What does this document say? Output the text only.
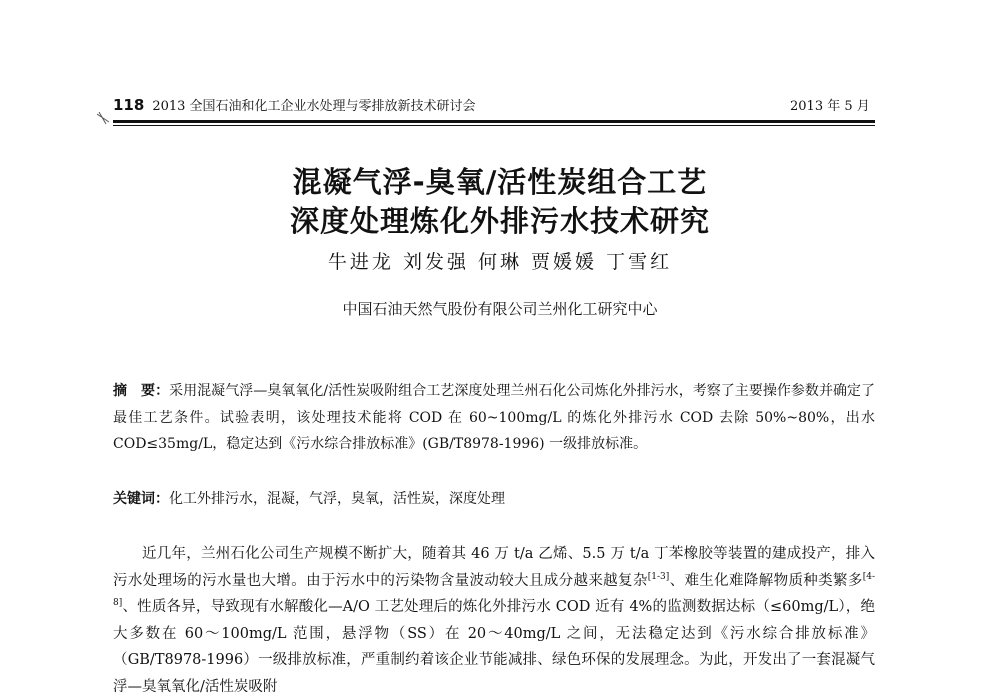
118 2013 全国石油和化工企业水处理与零排放新技术研讨会	2013 年 5 月
混凝气浮-臭氧/活性炭组合工艺
深度处理炼化外排污水技术研究
牛进龙 刘发强 何琳 贾媛媛 丁雪红
中国石油天然气股份有限公司兰州化工研究中心
摘　要：采用混凝气浮—臭氧氧化/活性炭吸附组合工艺深度处理兰州石化公司炼化外排污水，考察了主要操作参数并确定了最佳工艺条件。试验表明，该处理技术能将 COD 在 60~100mg/L 的炼化外排污水 COD 去除 50%~80%，出水 COD≤35mg/L，稳定达到《污水综合排放标准》(GB/T8978-1996) 一级排放标准。
关键词：化工外排污水，混凝，气浮，臭氧，活性炭，深度处理
近几年，兰州石化公司生产规模不断扩大，随着其 46 万 t/a 乙烯、5.5 万 t/a 丁苯橡胶等装置的建成投产，排入污水处理场的污水量也大增。由于污水中的污染物含量波动较大且成分越来越复杂[1-3]、难生化难降解物质种类繁多[4-8]、性质各异，导致现有水解酸化—A/O 工艺处理后的炼化外排污水 COD 近有 4%的监测数据达标（≤60mg/L），绝大多数在 60～100mg/L 范围，悬浮物（SS）在 20～40mg/L 之间，无法稳定达到《污水综合排放标准》（GB/T8978-1996）一级排放标准，严重制约着该企业节能减排、绿色环保的发展理念。为此，开发出了一套混凝气浮—臭氧氧化/活性炭吸附
